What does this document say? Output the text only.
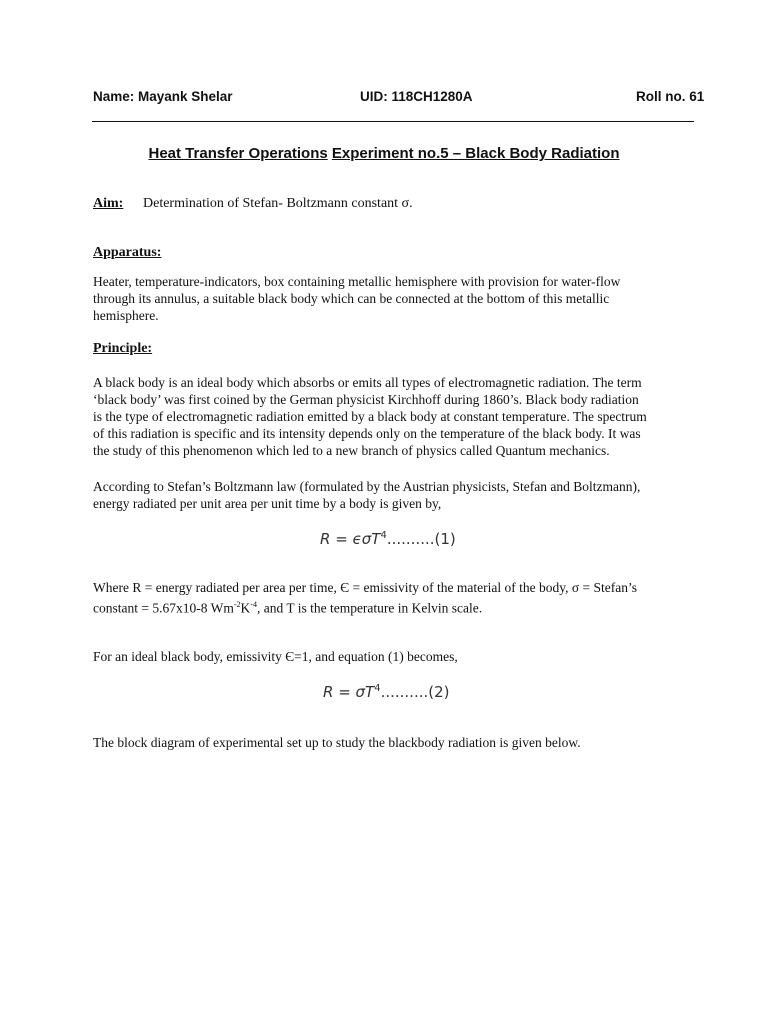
Name: Mayank Shelar	UID: 118CH1280A	Roll no. 61
Heat Transfer Operations Experiment no.5 – Black Body Radiation
Aim: Determination of Stefan- Boltzmann constant σ.
Apparatus:
Heater, temperature-indicators, box containing metallic hemisphere with provision for water-flow
through its annulus, a suitable black body which can be connected at the bottom of this metallic
hemisphere.
Principle:
A black body is an ideal body which absorbs or emits all types of electromagnetic radiation. The term
‘black body’ was first coined by the German physicist Kirchhoff during 1860’s. Black body radiation
is the type of electromagnetic radiation emitted by a black body at constant temperature. The spectrum
of this radiation is specific and its intensity depends only on the temperature of the black body. It was
the study of this phenomenon which led to a new branch of physics called Quantum mechanics.
According to Stefan’s Boltzmann law (formulated by the Austrian physicists, Stefan and Boltzmann),
energy radiated per unit area per unit time by a body is given by,
R = ϵσT$^4$..........(1)
Where R = energy radiated per area per time, Є = emissivity of the material of the body, σ = Stefan’s
constant = 5.67x10-8 $Wm^{-2}K^{-4}$, and T is the temperature in Kelvin scale.
For an ideal black body, emissivity Є=1, and equation (1) becomes,
$R = \sigma T^4..........(2)$
The block diagram of experimental set up to study the blackbody radiation is given below.
